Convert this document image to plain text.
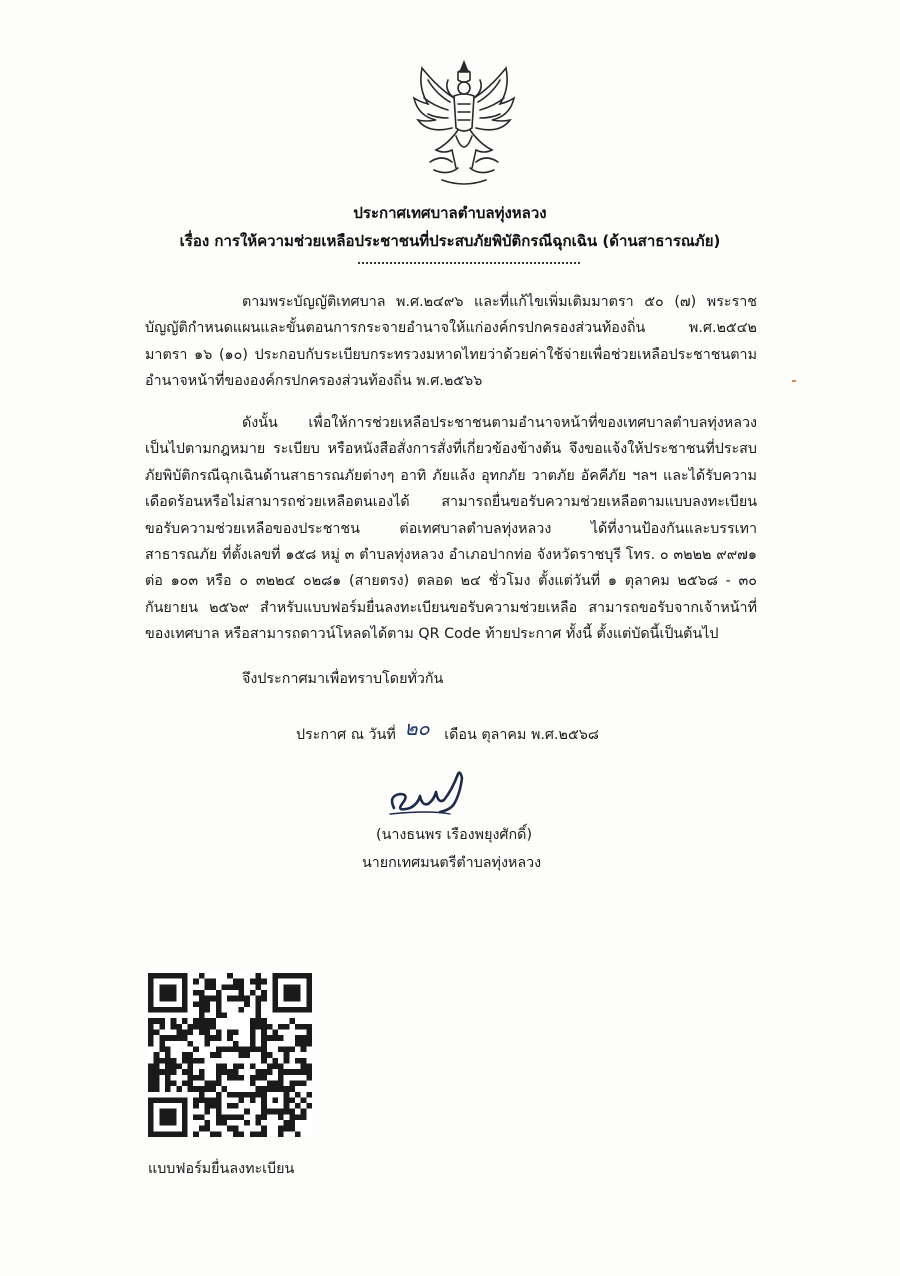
ประกาศเทศบาลตำบลทุ่งหลวง
เรื่อง การให้ความช่วยเหลือประชาชนที่ประสบภัยพิบัติกรณีฉุกเฉิน (ด้านสาธารณภัย)
ตามพระบัญญัติเทศบาล พ.ศ.๒๔๙๖ และที่แก้ไขเพิ่มเติมมาตรา ๕๐ (๗) พระราชบัญญัติกำหนดแผนและขั้นตอนการกระจายอำนาจให้แก่องค์กรปกครองส่วนท้องถิ่น พ.ศ.๒๕๔๒ มาตรา ๑๖ (๑๐) ประกอบกับระเบียบกระทรวงมหาดไทยว่าด้วยค่าใช้จ่ายเพื่อช่วยเหลือประชาชนตามอำนาจหน้าที่ขององค์กรปกครองส่วนท้องถิ่น พ.ศ.๒๕๖๖
ดังนั้น เพื่อให้การช่วยเหลือประชาชนตามอำนาจหน้าที่ของเทศบาลตำบลทุ่งหลวง เป็นไปตามกฎหมาย ระเบียบ หรือหนังสือสั่งการสั่งที่เกี่ยวข้องข้างต้น จึงขอแจ้งให้ประชาชนที่ประสบภัยพิบัติกรณีฉุกเฉินด้านสาธารณภัยต่างๆ อาทิ ภัยแล้ง อุทกภัย วาตภัย อัคคีภัย ฯลฯ และได้รับความเดือดร้อนหรือไม่สามารถช่วยเหลือตนเองได้ สามารถยื่นขอรับความช่วยเหลือตามแบบลงทะเบียนขอรับความช่วยเหลือของประชาชน ต่อเทศบาลตำบลทุ่งหลวง ได้ที่งานป้องกันและบรรเทาสาธารณภัย ที่ตั้งเลขที่ ๑๕๘ หมู่ ๓ ตำบลทุ่งหลวง อำเภอปากท่อ จังหวัดราชบุรี โทร. ๐ ๓๒๒๒ ๙๙๗๑ ต่อ ๑๐๓ หรือ ๐ ๓๒๒๔ ๐๒๘๑ (สายตรง) ตลอด ๒๔ ชั่วโมง ตั้งแต่วันที่ ๑ ตุลาคม ๒๕๖๘ - ๓๐ กันยายน ๒๕๖๙ สำหรับแบบฟอร์มยื่นลงทะเบียนขอรับความช่วยเหลือ สามารถขอรับจากเจ้าหน้าที่ของเทศบาล หรือสามารถดาวน์โหลดได้ตาม QR Code ท้ายประกาศ ทั้งนี้ ตั้งแต่บัดนี้เป็นต้นไป
จึงประกาศมาเพื่อทราบโดยทั่วกัน
ประกาศ ณ วันที่ ๒๐ เดือน ตุลาคม พ.ศ.๒๕๖๘
(นางธนพร เรืองพยุงศักดิ์)
นายกเทศมนตรีตำบลทุ่งหลวง
แบบฟอร์มยื่นลงทะเบียน
